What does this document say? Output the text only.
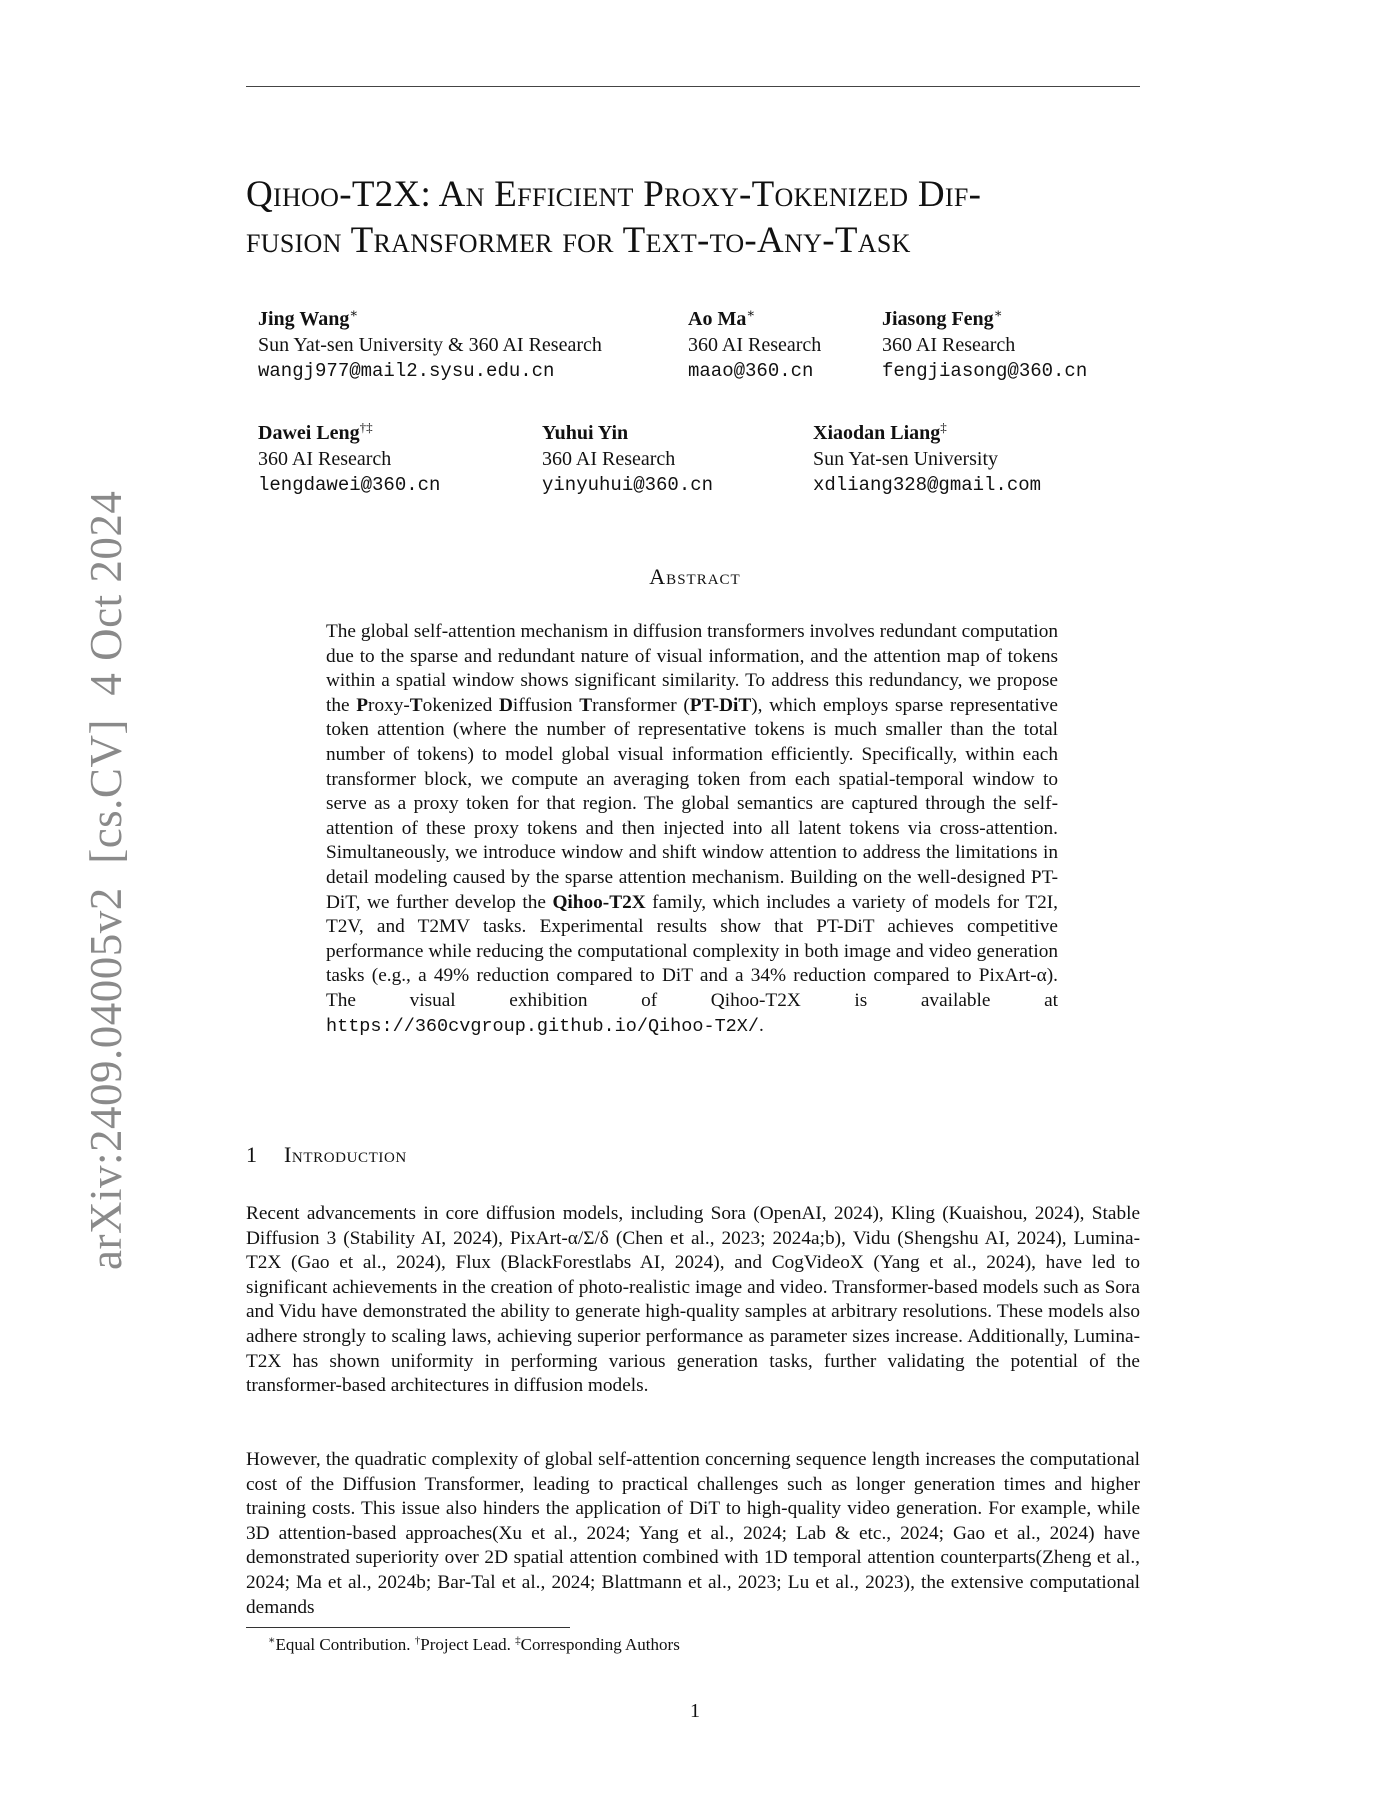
arXiv:2409.04005v2  [cs.CV]  4 Oct 2024
Qihoo-T2X: An Efficient Proxy-Tokenized Dif-
fusion Transformer for Text-to-Any-Task
Jing Wang∗
Sun Yat-sen University & 360 AI Research
wangj977@mail2.sysu.edu.cn
Ao Ma∗
360 AI Research
maao@360.cn
Jiasong Feng∗
360 AI Research
fengjiasong@360.cn
Dawei Leng†‡
360 AI Research
lengdawei@360.cn
Yuhui Yin
360 AI Research
yinyuhui@360.cn
Xiaodan Liang‡
Sun Yat-sen University
xdliang328@gmail.com
Abstract
The global self-attention mechanism in diffusion transformers involves redundant computation due to the sparse and redundant nature of visual information, and the attention map of tokens within a spatial window shows significant similarity. To address this redundancy, we propose the Proxy-Tokenized Diffusion Transformer (PT-DiT), which employs sparse representative token attention (where the number of representative tokens is much smaller than the total number of tokens) to model global visual information efficiently. Specifically, within each transformer block, we compute an averaging token from each spatial-temporal window to serve as a proxy token for that region. The global semantics are captured through the self-attention of these proxy tokens and then injected into all latent tokens via cross-attention. Simultaneously, we introduce window and shift window attention to address the limitations in detail modeling caused by the sparse attention mechanism. Building on the well-designed PT-DiT, we further develop the Qihoo-T2X family, which includes a variety of models for T2I, T2V, and T2MV tasks. Experimental results show that PT-DiT achieves competitive performance while reducing the computational complexity in both image and video generation tasks (e.g., a 49% reduction compared to DiT and a 34% reduction compared to PixArt-α). The visual exhibition of Qihoo-T2X is available at https://360cvgroup.github.io/Qihoo-T2X/.
1 Introduction
Recent advancements in core diffusion models, including Sora (OpenAI, 2024), Kling (Kuaishou, 2024), Stable Diffusion 3 (Stability AI, 2024), PixArt-α/Σ/δ (Chen et al., 2023; 2024a;b), Vidu (Shengshu AI, 2024), Lumina-T2X (Gao et al., 2024), Flux (BlackForestlabs AI, 2024), and CogVideoX (Yang et al., 2024), have led to significant achievements in the creation of photo-realistic image and video. Transformer-based models such as Sora and Vidu have demonstrated the ability to generate high-quality samples at arbitrary resolutions. These models also adhere strongly to scaling laws, achieving superior performance as parameter sizes increase. Additionally, Lumina-T2X has shown uniformity in performing various generation tasks, further validating the potential of the transformer-based architectures in diffusion models.
However, the quadratic complexity of global self-attention concerning sequence length increases the computational cost of the Diffusion Transformer, leading to practical challenges such as longer generation times and higher training costs. This issue also hinders the application of DiT to high-quality video generation. For example, while 3D attention-based approaches(Xu et al., 2024; Yang et al., 2024; Lab & etc., 2024; Gao et al., 2024) have demonstrated superiority over 2D spatial attention combined with 1D temporal attention counterparts(Zheng et al., 2024; Ma et al., 2024b; Bar-Tal et al., 2024; Blattmann et al., 2023; Lu et al., 2023), the extensive computational demands
∗Equal Contribution. †Project Lead. ‡Corresponding Authors
1
